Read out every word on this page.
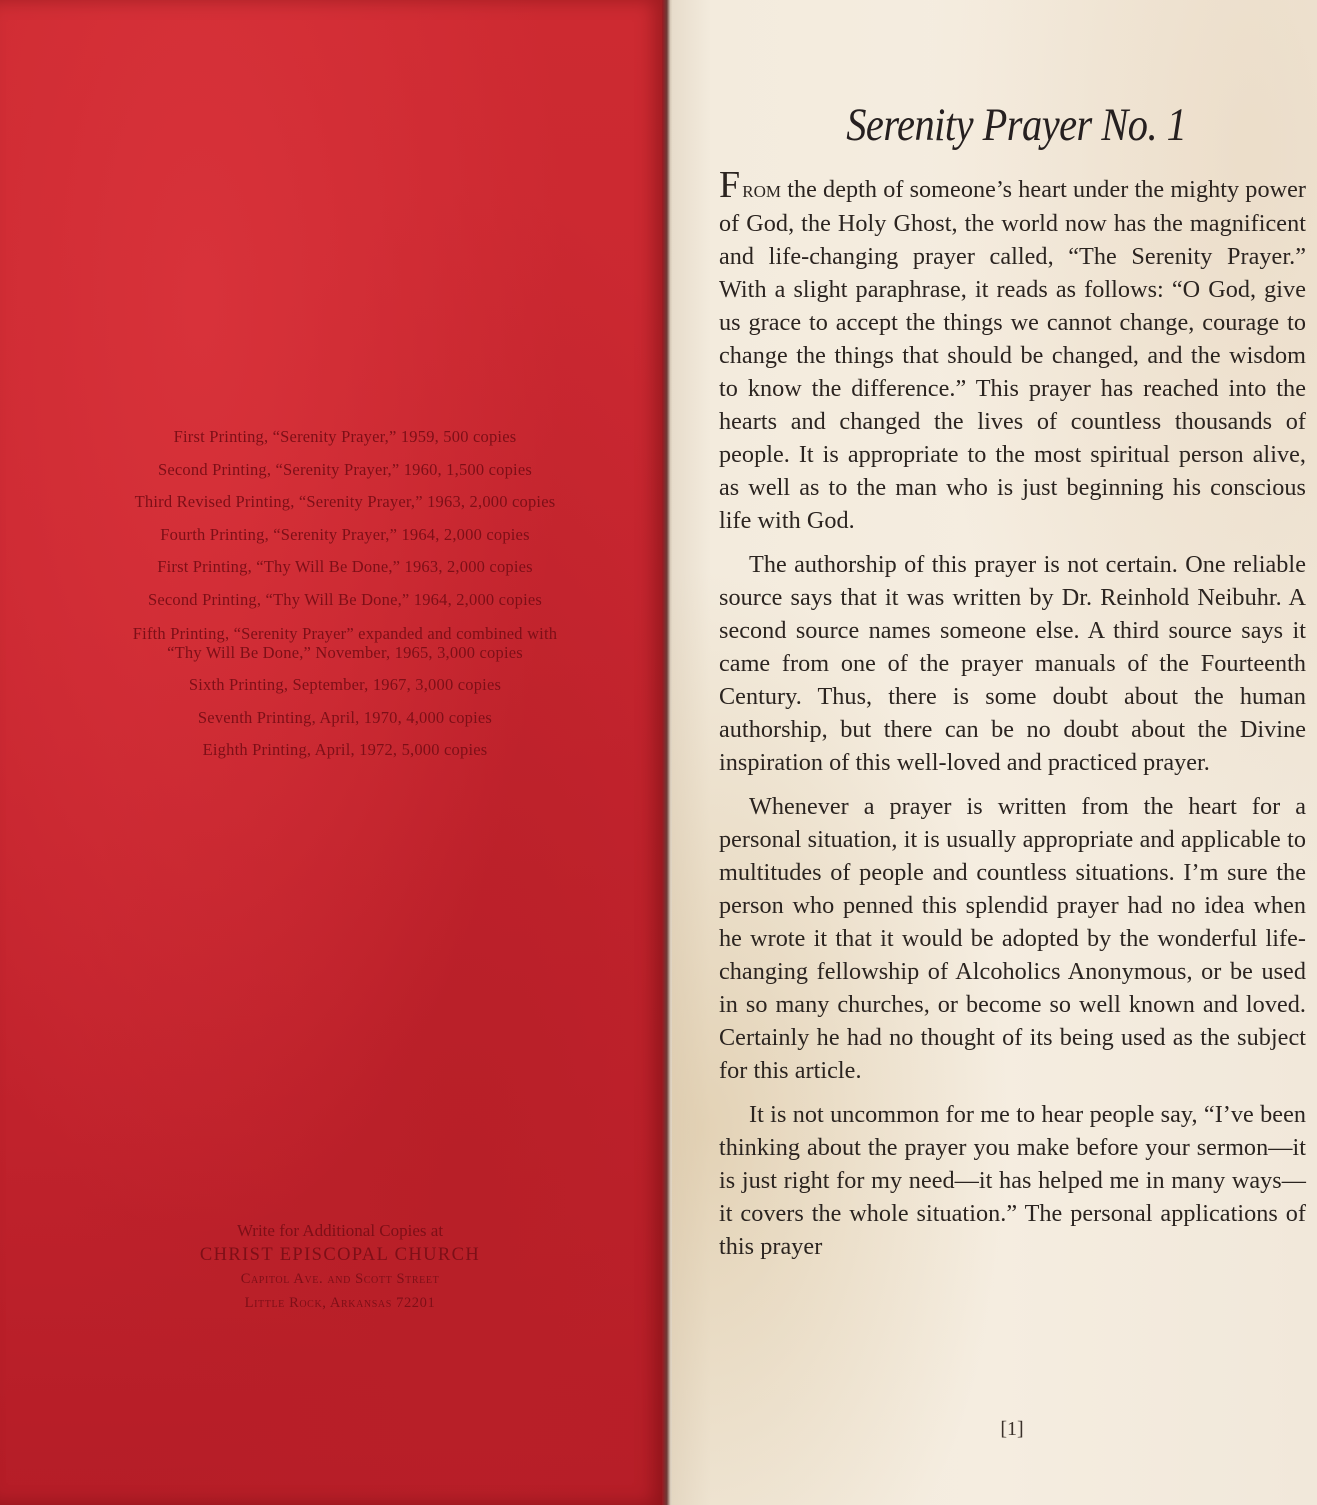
First Printing, “Serenity Prayer,” 1959, 500 copies
Second Printing, “Serenity Prayer,” 1960, 1,500 copies
Third Revised Printing, “Serenity Prayer,” 1963, 2,000 copies
Fourth Printing, “Serenity Prayer,” 1964, 2,000 copies
First Printing, “Thy Will Be Done,” 1963, 2,000 copies
Second Printing, “Thy Will Be Done,” 1964, 2,000 copies
Fifth Printing, “Serenity Prayer” expanded and combined with
“Thy Will Be Done,” November, 1965, 3,000 copies
Sixth Printing, September, 1967, 3,000 copies
Seventh Printing, April, 1970, 4,000 copies
Eighth Printing, April, 1972, 5,000 copies
Write for Additional Copies at
CHRIST EPISCOPAL CHURCH
Capitol Ave. and Scott Street
Little Rock, Arkansas 72201
Serenity Prayer No. 1

From the depth of someone’s heart under the mighty power of God, the Holy Ghost, the world now has the magnificent and life-changing prayer called, “The Serenity Prayer.” With a slight paraphrase, it reads as follows: “O God, give us grace to accept the things we cannot change, courage to change the things that should be changed, and the wisdom to know the difference.” This prayer has reached into the hearts and changed the lives of countless thousands of people. It is appropriate to the most spiritual person alive, as well as to the man who is just beginning his conscious life with God.

The authorship of this prayer is not certain. One reliable source says that it was written by Dr. Reinhold Neibuhr. A second source names someone else. A third source says it came from one of the prayer manuals of the Fourteenth Century. Thus, there is some doubt about the human authorship, but there can be no doubt about the Divine inspiration of this well-loved and practiced prayer.

Whenever a prayer is written from the heart for a personal situation, it is usually appropriate and applicable to multitudes of people and countless situations. I’m sure the person who penned this splendid prayer had no idea when he wrote it that it would be adopted by the wonderful life-changing fellowship of Alcoholics Anonymous, or be used in so many churches, or become so well known and loved. Certainly he had no thought of its being used as the subject for this article.

It is not uncommon for me to hear people say, “I’ve been thinking about the prayer you make before your sermon—it is just right for my need—it has helped me in many ways—it covers the whole situation.” The personal applications of this prayer

[1]
